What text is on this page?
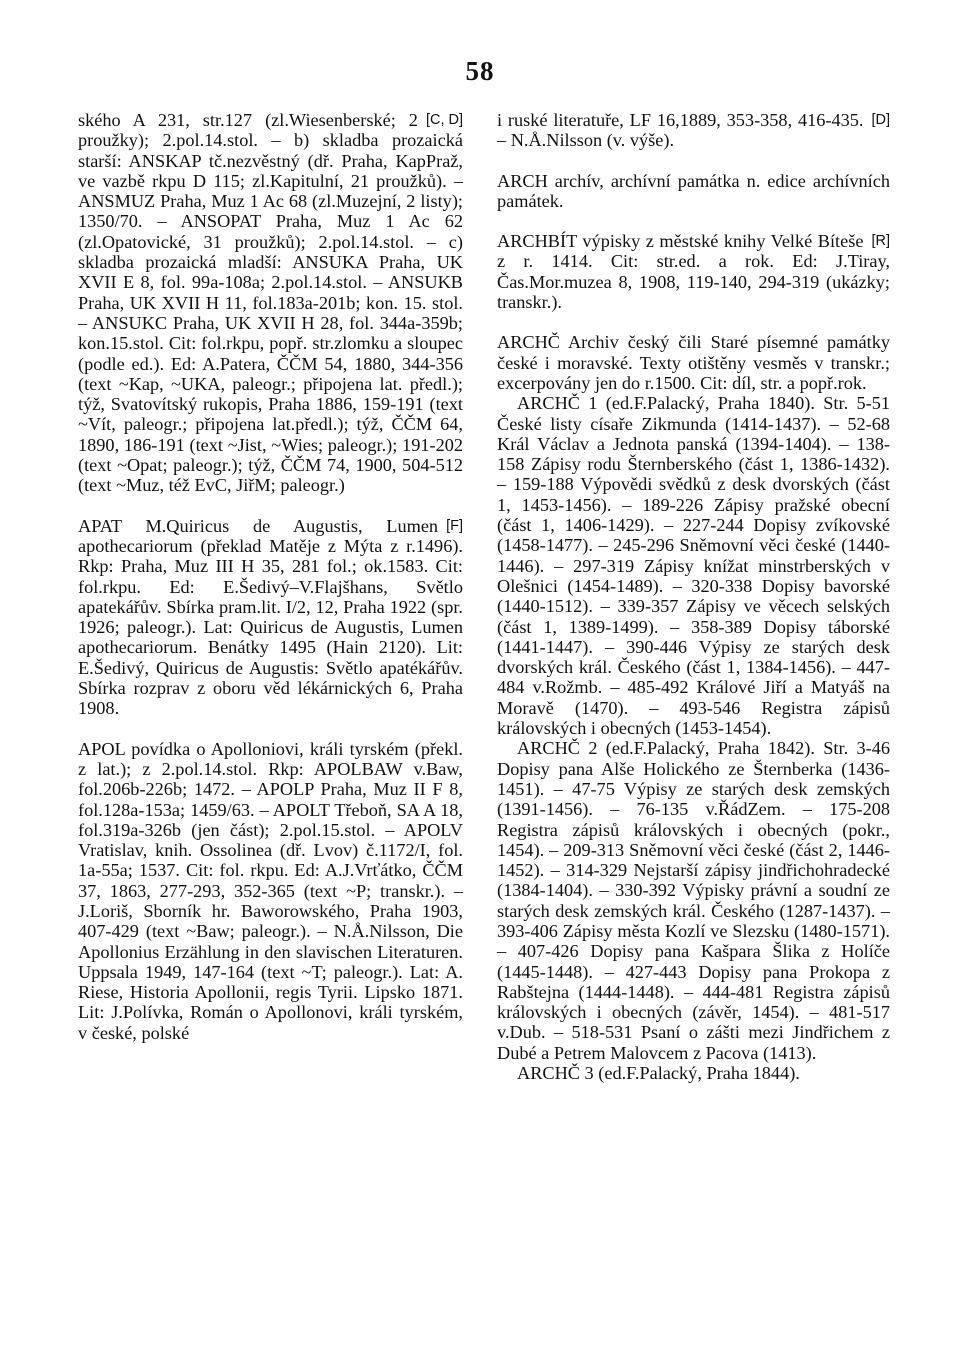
58

[C, D]
ského A 231, str.127 (zl.Wiesenberské; 2 proužky); 2.pol.14.stol. – b) skladba prozaická starší: ANSKAP tč.nezvěstný (dř. Praha, KapPraž, ve vazbě rkpu D 115; zl.Kapitulní, 21 proužků). – ANSMUZ Praha, Muz 1 Ac 68 (zl.Muzejní, 2 listy); 1350/70. – ANSOPAT Praha, Muz 1 Ac 62 (zl.Opatovické, 31 proužků); 2.pol.14.stol. – c) skladba prozaická mladší: ANSUKA Praha, UK XVII E 8, fol. 99a-108a; 2.pol.14.stol. – ANSUKB Praha, UK XVII H 11, fol.183a-201b; kon. 15. stol. – ANSUKC Praha, UK XVII H 28, fol. 344a-359b; kon.15.stol. Cit: fol.rkpu, popř. str.zlomku a sloupec (podle ed.). Ed: A.Patera, ČČM 54, 1880, 344-356 (text ~Kap, ~UKA, paleogr.; připojena lat. předl.); týž, Svatovítský rukopis, Praha 1886, 159-191 (text ~Vít, paleogr.; připojena lat.předl.); týž, ČČM 64, 1890, 186-191 (text ~Jist, ~Wies; paleogr.); 191-202 (text ~Opat; paleogr.); týž, ČČM 74, 1900, 504-512 (text ~Muz, též EvC, JiřM; paleogr.)

[F]
APAT M.Quiricus de Augustis, Lumen apothecariorum (překlad Matěje z Mýta z r.1496). Rkp: Praha, Muz III H 35, 281 fol.; ok.1583. Cit: fol.rkpu. Ed: E.Šedivý–V.Flajšhans, Světlo apatekářův. Sbírka pram.lit. I/2, 12, Praha 1922 (spr. 1926; paleogr.). Lat: Quiricus de Augustis, Lumen apothecariorum. Benátky 1495 (Hain 2120). Lit: E.Šedivý, Quiricus de Augustis: Světlo apatékářův. Sbírka rozprav z oboru věd lékárnických 6, Praha 1908.

APOL povídka o Apolloniovi, králi tyrském (překl. z lat.); z 2.pol.14.stol. Rkp: APOLBAW v.Baw, fol.206b-226b; 1472. – APOLP Praha, Muz II F 8, fol.128a-153a; 1459/63. – APOLT Třeboň, SA A 18, fol.319a-326b (jen část); 2.pol.15.stol. – APOLV Vratislav, knih. Ossolinea (dř. Lvov) č.1172/I, fol. 1a-55a; 1537. Cit: fol. rkpu. Ed: A.J.Vrťátko, ČČM 37, 1863, 277-293, 352-365 (text ~P; transkr.). – J.Loriš, Sborník hr. Baworowského, Praha 1903, 407-429 (text ~Baw; paleogr.). – N.Å.Nilsson, Die Apollonius Erzählung in den slavischen Literaturen. Uppsala 1949, 147-164 (text ~T; paleogr.). Lat: A. Riese, Historia Apollonii, regis Tyrii. Lipsko 1871. Lit: J.Polívka, Román o Apollonovi, králi tyrském, v české, polské

[D]
i ruské literatuře, LF 16,1889, 353-358, 416-435. – N.Å.Nilsson (v. výše).

ARCH archív, archívní památka n. edice archívních památek.

[R]
ARCHBÍT výpisky z městské knihy Velké Bíteše z r. 1414. Cit: str.ed. a rok. Ed: J.Tiray, Čas.Mor.muzea 8, 1908, 119-140, 294-319 (ukázky; transkr.).

ARCHČ Archiv český čili Staré písemné památky české i moravské. Texty otištěny vesměs v transkr.; excerpovány jen do r.1500. Cit: díl, str. a popř.rok.

ARCHČ 1 (ed.F.Palacký, Praha 1840). Str. 5-51 České listy císaře Zikmunda (1414-1437). – 52-68 Král Václav a Jednota panská (1394-1404). – 138-158 Zápisy rodu Šternberského (část 1, 1386-1432). – 159-188 Výpovědi svědků z desk dvorských (část 1, 1453-1456). – 189-226 Zápisy pražské obecní (část 1, 1406-1429). – 227-244 Dopisy zvíkovské (1458-1477). – 245-296 Sněmovní věci české (1440-1446). – 297-319 Zápisy knížat minstrberských v Olešnici (1454-1489). – 320-338 Dopisy bavorské (1440-1512). – 339-357 Zápisy ve věcech selských (část 1, 1389-1499). – 358-389 Dopisy táborské (1441-1447). – 390-446 Výpisy ze starých desk dvorských král. Českého (část 1, 1384-1456). – 447-484 v.Rožmb. – 485-492 Králové Jiří a Matyáš na Moravě (1470). – 493-546 Registra zápisů královských i obecných (1453-1454).

ARCHČ 2 (ed.F.Palacký, Praha 1842). Str. 3-46 Dopisy pana Alše Holického ze Šternberka (1436-1451). – 47-75 Výpisy ze starých desk zemských (1391-1456). – 76-135 v.ŘádZem. – 175-208 Registra zápisů královských i obecných (pokr., 1454). – 209-313 Sněmovní věci české (část 2, 1446-1452). – 314-329 Nejstarší zápisy jindřichohradecké (1384-1404). – 330-392 Výpisky právní a soudní ze starých desk zemských král. Českého (1287-1437). – 393-406 Zápisy města Kozlí ve Slezsku (1480-1571). – 407-426 Dopisy pana Kašpara Šlika z Holíče (1445-1448). – 427-443 Dopisy pana Prokopa z Rabštejna (1444-1448). – 444-481 Registra zápisů královských i obecných (závěr, 1454). – 481-517 v.Dub. – 518-531 Psaní o zášti mezi Jindřichem z Dubé a Petrem Malovcem z Pacova (1413).

ARCHČ 3 (ed.F.Palacký, Praha 1844).
